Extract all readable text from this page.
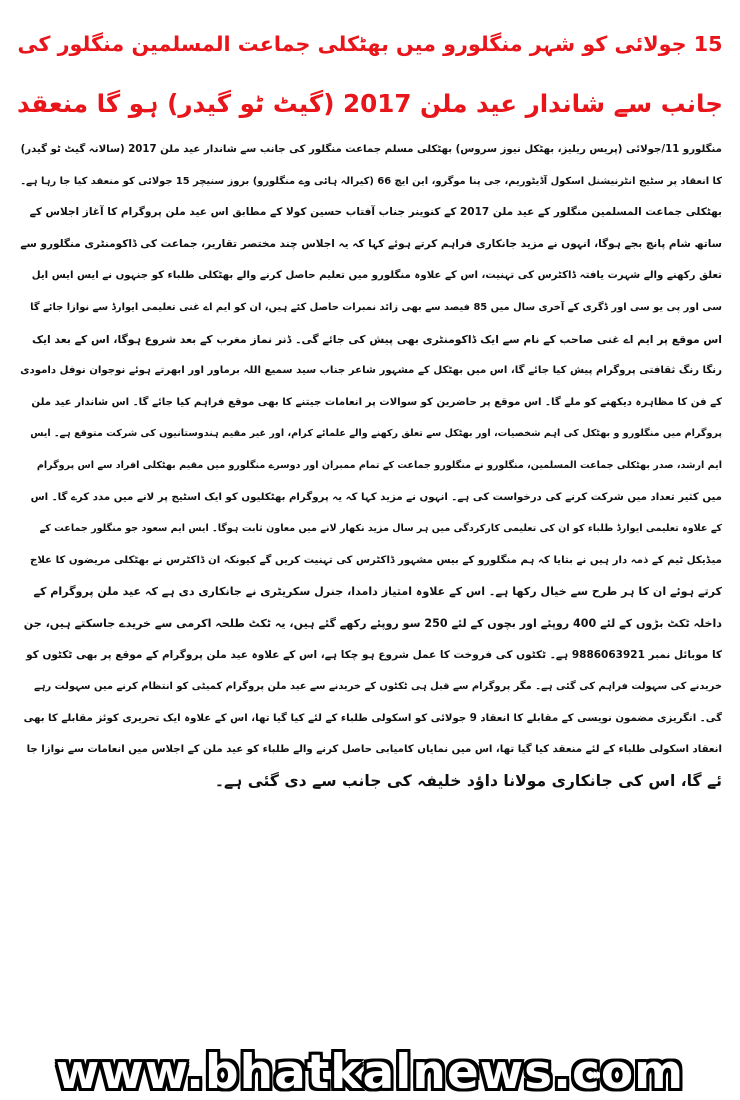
15 جولائی کو شہر منگلورو میں بھٹکلی جماعت المسلمین منگلور کی
جانب سے شاندار عید ملن 2017 (گیٹ ٹو گیدر) ہو گا منعقد
منگلورو 11/جولائی (پریس ریلیز، بھٹکل نیوز سروس) بھٹکلی مسلم جماعت منگلور کی جانب سے شاندار عید ملن 2017 (سالانہ گیٹ ٹو گیدر)
کا انعقاد پر سٹیج انٹرنیشنل اسکول آڈیٹوریم، جی پنا موگرو، این ایچ 66 (کیرالہ ہائی وے منگلورو) بروز سنیچر 15 جولائی کو منعقد کیا جا رہا ہے۔
بھٹکلی جماعت المسلمین منگلور کے عید ملن 2017 کے کنوینر جناب آفتاب حسین کولا کے مطابق اس عید ملن پروگرام کا آغاز اجلاس کے
ساتھ شام پانچ بجے ہوگا، انہوں نے مزید جانکاری فراہم کرتے ہوئے کہا کہ یہ اجلاس چند مختصر تقاریر، جماعت کی ڈاکومنٹری منگلورو سے
تعلق رکھنے والے شہرت یافتہ ڈاکٹرس کی تہنیت، اس کے علاوہ منگلورو میں تعلیم حاصل کرنے والے بھٹکلی طلباء کو جنہوں نے ایس ایس ایل
سی اور پی یو سی اور ڈگری کے آخری سال میں 85 فیصد سے بھی زائد نمبرات حاصل کئے ہیں، ان کو ایم اے غنی تعلیمی ایوارڈ سے نوازا جائے گا
اس موقع پر ایم اے غنی صاحب کے نام سے ایک ڈاکومنٹری بھی پیش کی جائے گی۔ ڈنر نماز مغرب کے بعد شروع ہوگا، اس کے بعد ایک
رنگا رنگ ثقافتی پروگرام پیش کیا جائے گا، اس میں بھٹکل کے مشہور شاعر جناب سید سمیع اللہ برماور اور ابھرتے ہوئے نوجوان نوفل دامودی
کے فن کا مظاہرہ دیکھنے کو ملے گا۔ اس موقع پر حاضرین کو سوالات پر انعامات جیتنے کا بھی موقع فراہم کیا جائے گا۔ اس شاندار عید ملن
پروگرام میں منگلورو و بھٹکل کی اہم شخصیات، اور بھٹکل سے تعلق رکھنے والے علمائے کرام، اور غیر مقیم ہندوستانیوں کی شرکت متوقع ہے۔ ایس
ایم ارشد، صدر بھٹکلی جماعت المسلمین، منگلورو نے منگلورو جماعت کے تمام ممبران اور دوسرے منگلورو میں مقیم بھٹکلی افراد سے اس پروگرام
میں کثیر تعداد میں شرکت کرنے کی درخواست کی ہے۔ انہوں نے مزید کہا کہ یہ پروگرام بھٹکلیوں کو ایک اسٹیج پر لانے میں مدد کرے گا۔ اس
کے علاوہ تعلیمی ایوارڈ طلباء کو ان کی تعلیمی کارکردگی میں ہر سال مزید نکھار لانے میں معاون ثابت ہوگا۔ ایس ایم سعود جو منگلور جماعت کے
میڈیکل ٹیم کے ذمہ دار ہیں نے بتایا کہ ہم منگلورو کے بیس مشہور ڈاکٹرس کی تہنیت کریں گے کیونکہ ان ڈاکٹرس نے بھٹکلی مریضوں کا علاج
کرتے ہوئے ان کا ہر طرح سے خیال رکھا ہے۔ اس کے علاوہ امتیاز دامدا، جنرل سکریٹری نے جانکاری دی ہے کہ عید ملن پروگرام کے
داخلہ ٹکٹ بڑوں کے لئے 400 روپئے اور بچوں کے لئے 250 سو روپئے رکھے گئے ہیں، یہ ٹکٹ طلحہ اکرمی سے خریدے جاسکتے ہیں، جن
کا موبائل نمبر 9886063921 ہے۔ ٹکٹوں کی فروخت کا عمل شروع ہو چکا ہے، اس کے علاوہ عید ملن پروگرام کے موقع پر بھی ٹکٹوں کو
خریدنے کی سہولت فراہم کی گئی ہے۔ مگر پروگرام سے قبل ہی ٹکٹوں کے خریدنے سے عید ملن پروگرام کمیٹی کو انتظام کرنے میں سہولت رہے
گی۔ انگریزی مضمون نویسی کے مقابلے کا انعقاد 9 جولائی کو اسکولی طلباء کے لئے کیا گیا تھا، اس کے علاوہ ایک تحریری کوئز مقابلے کا بھی
انعقاد اسکولی طلباء کے لئے منعقد کیا گیا تھا، اس میں نمایاں کامیابی حاصل کرنے والے طلباء کو عید ملن کے اجلاس میں انعامات سے نوازا جا
ئے گا، اس کی جانکاری مولانا داؤد خلیفہ کی جانب سے دی گئی ہے۔
www.bhatkalnews.com
